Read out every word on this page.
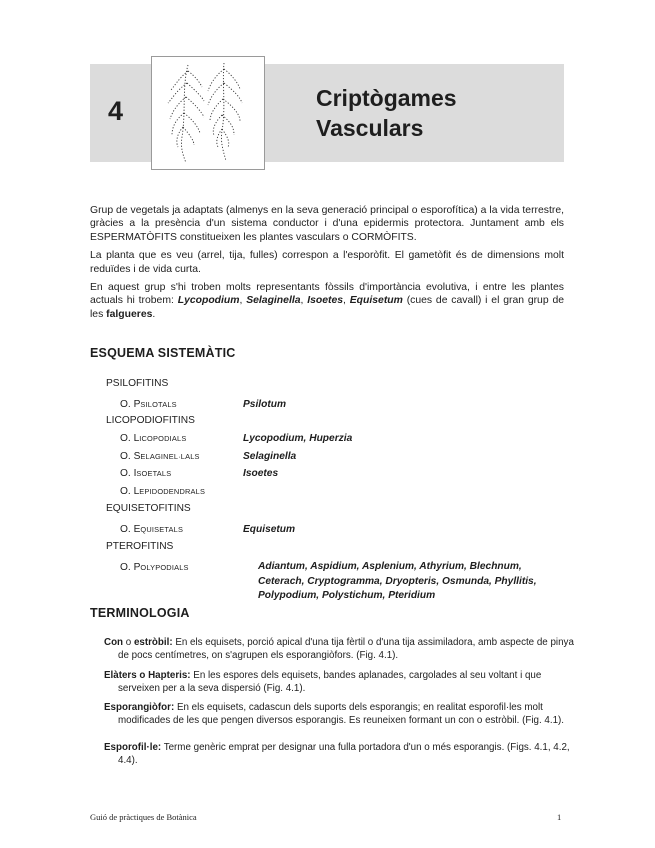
4	Criptògames
Vasculars

Grup de vegetals ja adaptats (almenys en la seva generació principal o esporofítica) a la vida terrestre, gràcies a la presència d'un sistema conductor i d'una epidermis protectora. Juntament amb els ESPERMATÒFITS constitueixen les plantes vasculars o CORMÒFITS.

La planta que es veu (arrel, tija, fulles) correspon a l'esporòfit. El gametòfit és de dimensions molt reduïdes i de vida curta.

En aquest grup s'hi troben molts representants fòssils d'importància evolutiva, i entre les plantes actuals hi trobem: Lycopodium, Selaginella, Isoetes, Equisetum (cues de cavall) i el gran grup de les falgueres.

ESQUEMA SISTEMÀTIC
PSILOFITINS
O. PSILOTALS	Psilotum
LICOPODIOFITINS
O. LICOPODIALS	Lycopodium, Huperzia
O. SELAGINEL·LALS	Selaginella
O. ISOETALS	Isoetes
O. LEPIDODENDRALS
EQUISETOFITINS
O. EQUISETALS	Equisetum
PTEROFITINS
O. POLYPODIALS	Adiantum, Aspidium, Asplenium, Athyrium, Blechnum,
Ceterach, Cryptogramma, Dryopteris, Osmunda, Phyllitis,
Polypodium, Polystichum, Pteridium
TERMINOLOGIA
Con o estròbil: En els equisets, porció apical d'una tija fèrtil o d'una tija assimiladora, amb aspecte de pinya de pocs centímetres, on s'agrupen els esporangiòfors. (Fig. 4.1).
Elàters o Hapteris: En les espores dels equisets, bandes aplanades, cargolades al seu voltant i que serveixen per a la seva dispersió (Fig. 4.1).
Esporangiòfor: En els equisets, cadascun dels suports dels esporangis; en realitat esporofil·les molt modificades de les que pengen diversos esporangis. Es reuneixen formant un con o estròbil. (Fig. 4.1).
Esporofil·le: Terme genèric emprat per designar una fulla portadora d'un o més esporangis. (Figs. 4.1, 4.2, 4.4).
Guió de pràctiques de Botànica	1
